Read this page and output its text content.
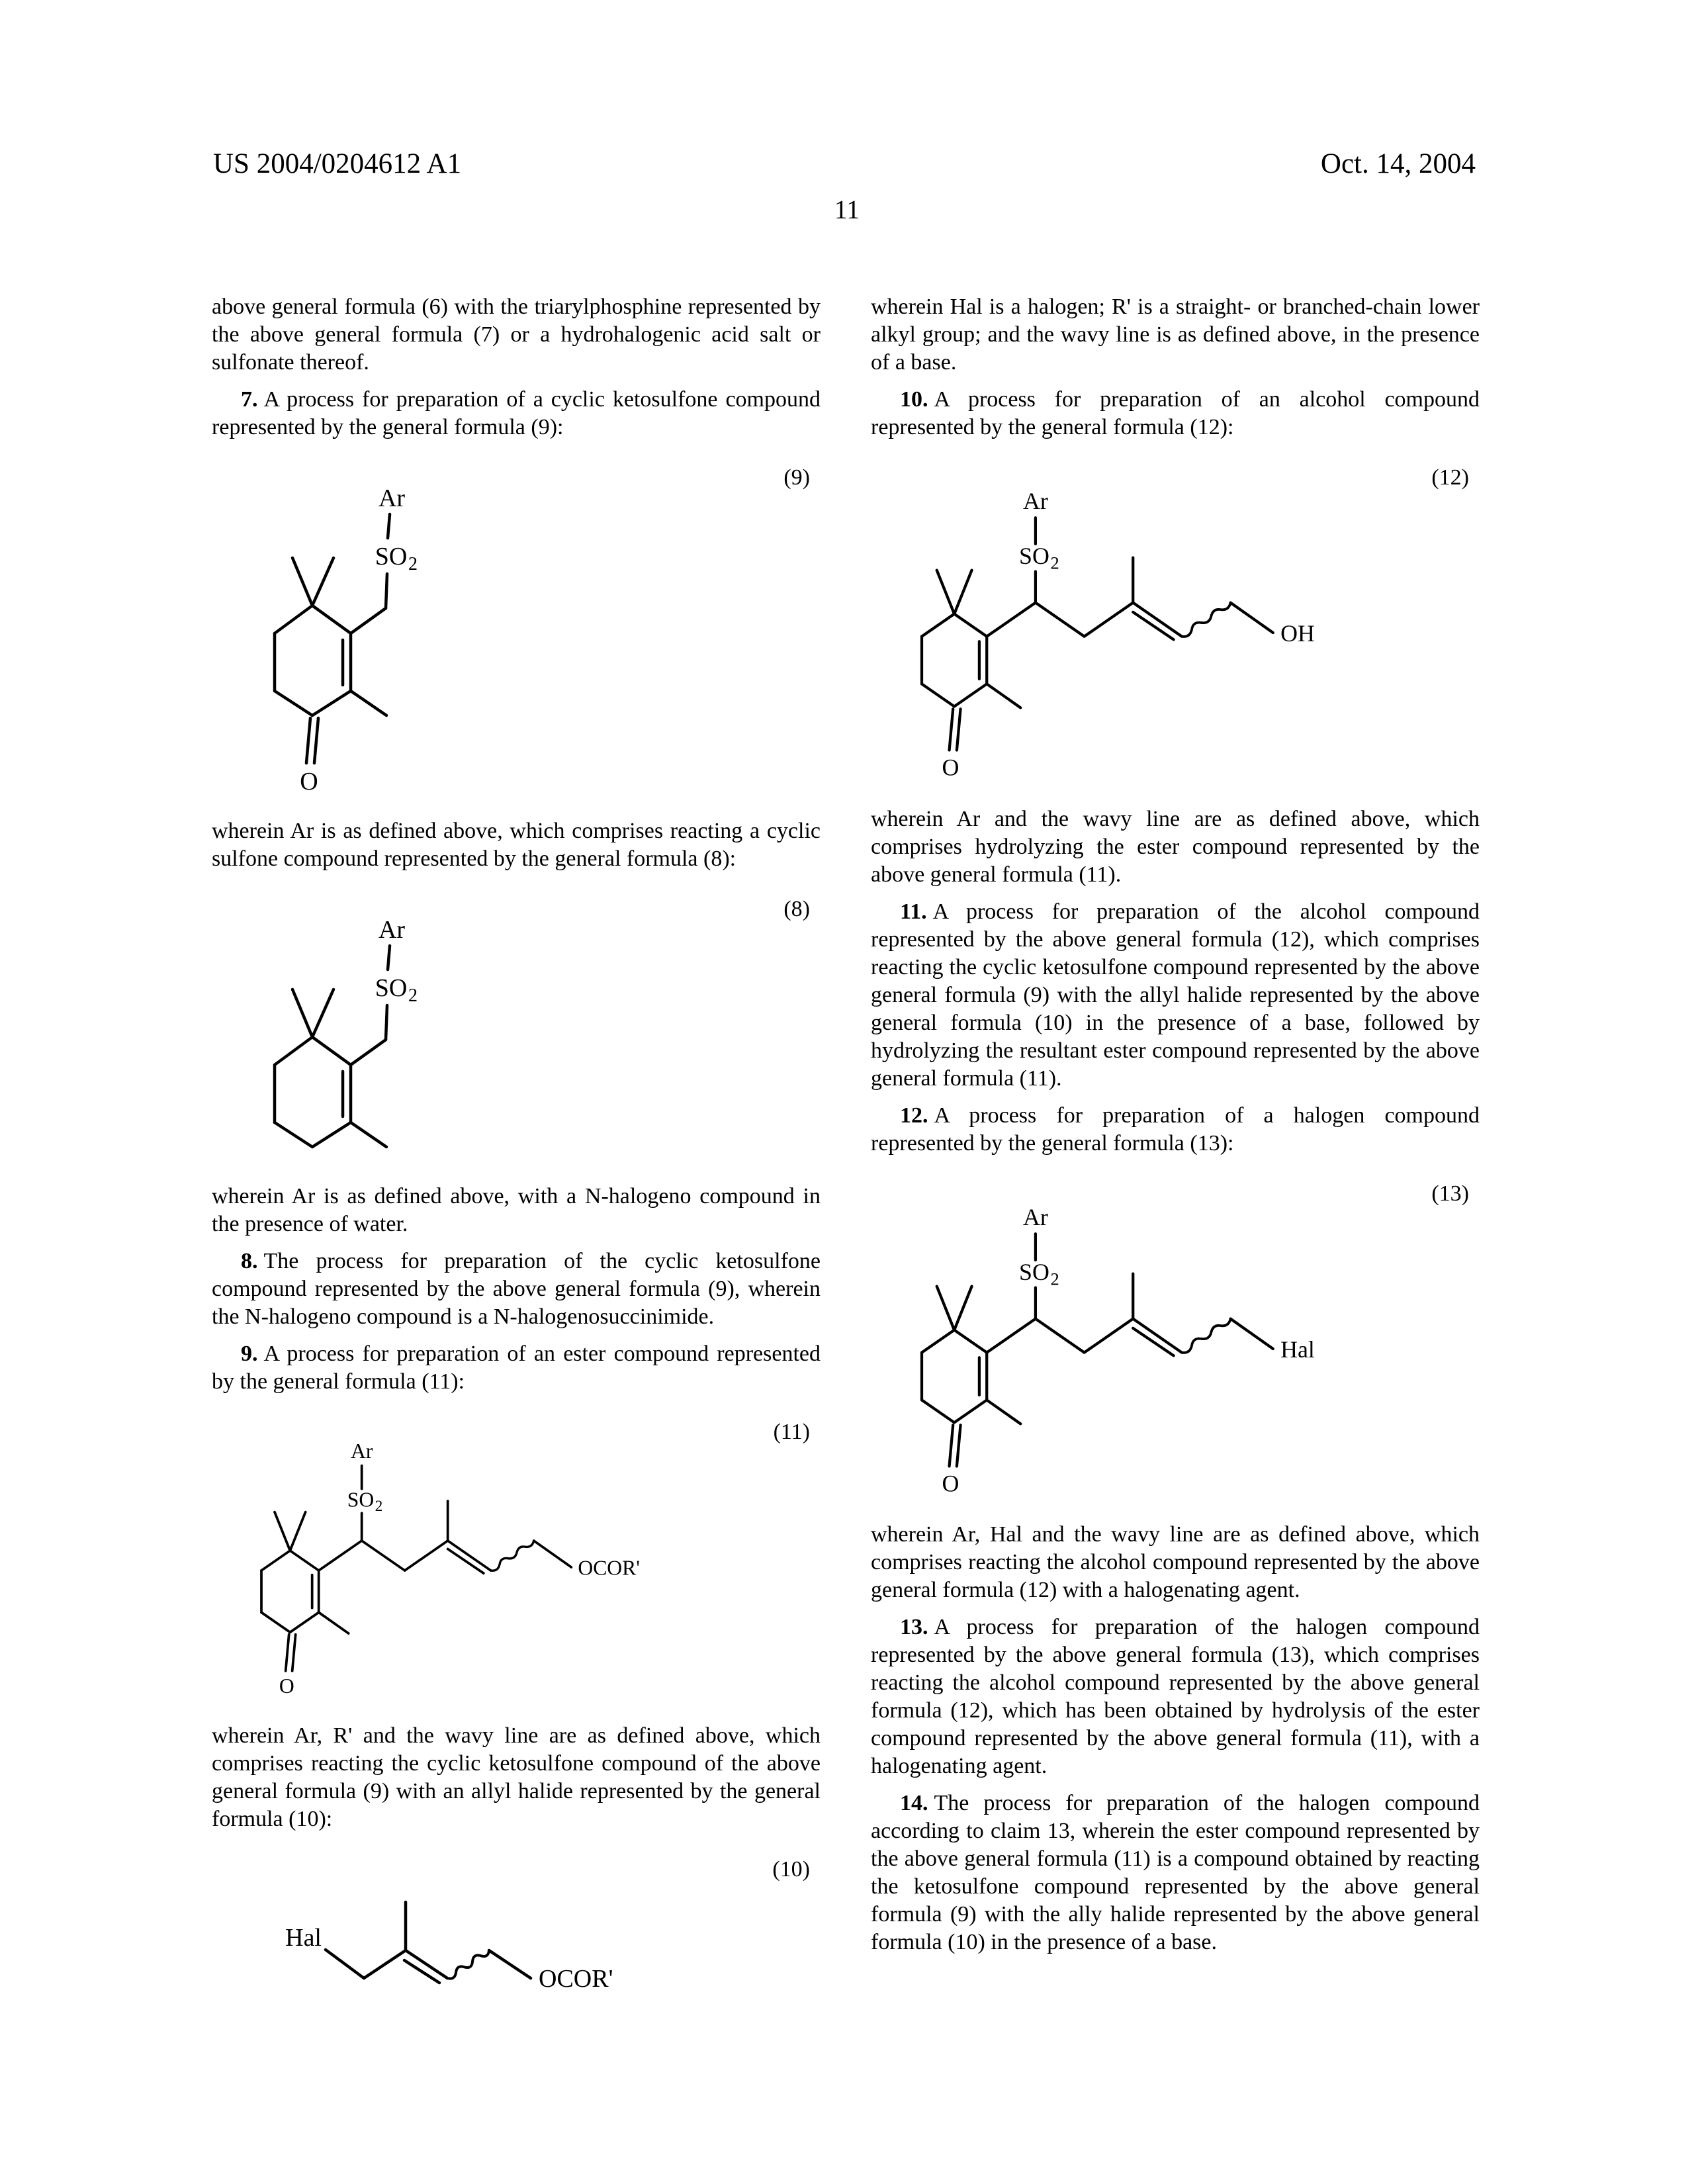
US 2004/0204612 A1	Oct. 14, 2004
11

above general formula (6) with the triarylphosphine represented by the above general formula (7) or a hydrohalogenic acid salt or sulfonate thereof.

7. A process for preparation of a cyclic ketosulfone compound represented by the general formula (9):

(9)
Ar
SO 2
O

wherein Ar is as defined above, which comprises reacting a cyclic sulfone compound represented by the general formula (8):

(8)
Ar
SO 2

wherein Ar is as defined above, with a N-halogeno compound in the presence of water.

8. The process for preparation of the cyclic ketosulfone compound represented by the above general formula (9), wherein the N-halogeno compound is a N-halogenosuccinimide.

9. A process for preparation of an ester compound represented by the general formula (11):

(11)
Ar
SO 2
O
OCOR'

wherein Ar, R' and the wavy line are as defined above, which comprises reacting the cyclic ketosulfone compound of the above general formula (9) with an allyl halide represented by the general formula (10):

(10)
Hal
OCOR'

wherein Hal is a halogen; R' is a straight- or branched-chain lower alkyl group; and the wavy line is as defined above, in the presence of a base.

10. A process for preparation of an alcohol compound represented by the general formula (12):

(12)
Ar
SO 2
O
OH

wherein Ar and the wavy line are as defined above, which comprises hydrolyzing the ester compound represented by the above general formula (11).

11. A process for preparation of the alcohol compound represented by the above general formula (12), which comprises reacting the cyclic ketosulfone compound represented by the above general formula (9) with the allyl halide represented by the above general formula (10) in the presence of a base, followed by hydrolyzing the resultant ester compound represented by the above general formula (11).

12. A process for preparation of a halogen compound represented by the general formula (13):

(13)
Ar
SO 2
O
Hal

wherein Ar, Hal and the wavy line are as defined above, which comprises reacting the alcohol compound represented by the above general formula (12) with a halogenating agent.

13. A process for preparation of the halogen compound represented by the above general formula (13), which comprises reacting the alcohol compound represented by the above general formula (12), which has been obtained by hydrolysis of the ester compound represented by the above general formula (11), with a halogenating agent.

14. The process for preparation of the halogen compound according to claim 13, wherein the ester compound represented by the above general formula (11) is a compound obtained by reacting the ketosulfone compound represented by the above general formula (9) with the ally halide represented by the above general formula (10) in the presence of a base.
